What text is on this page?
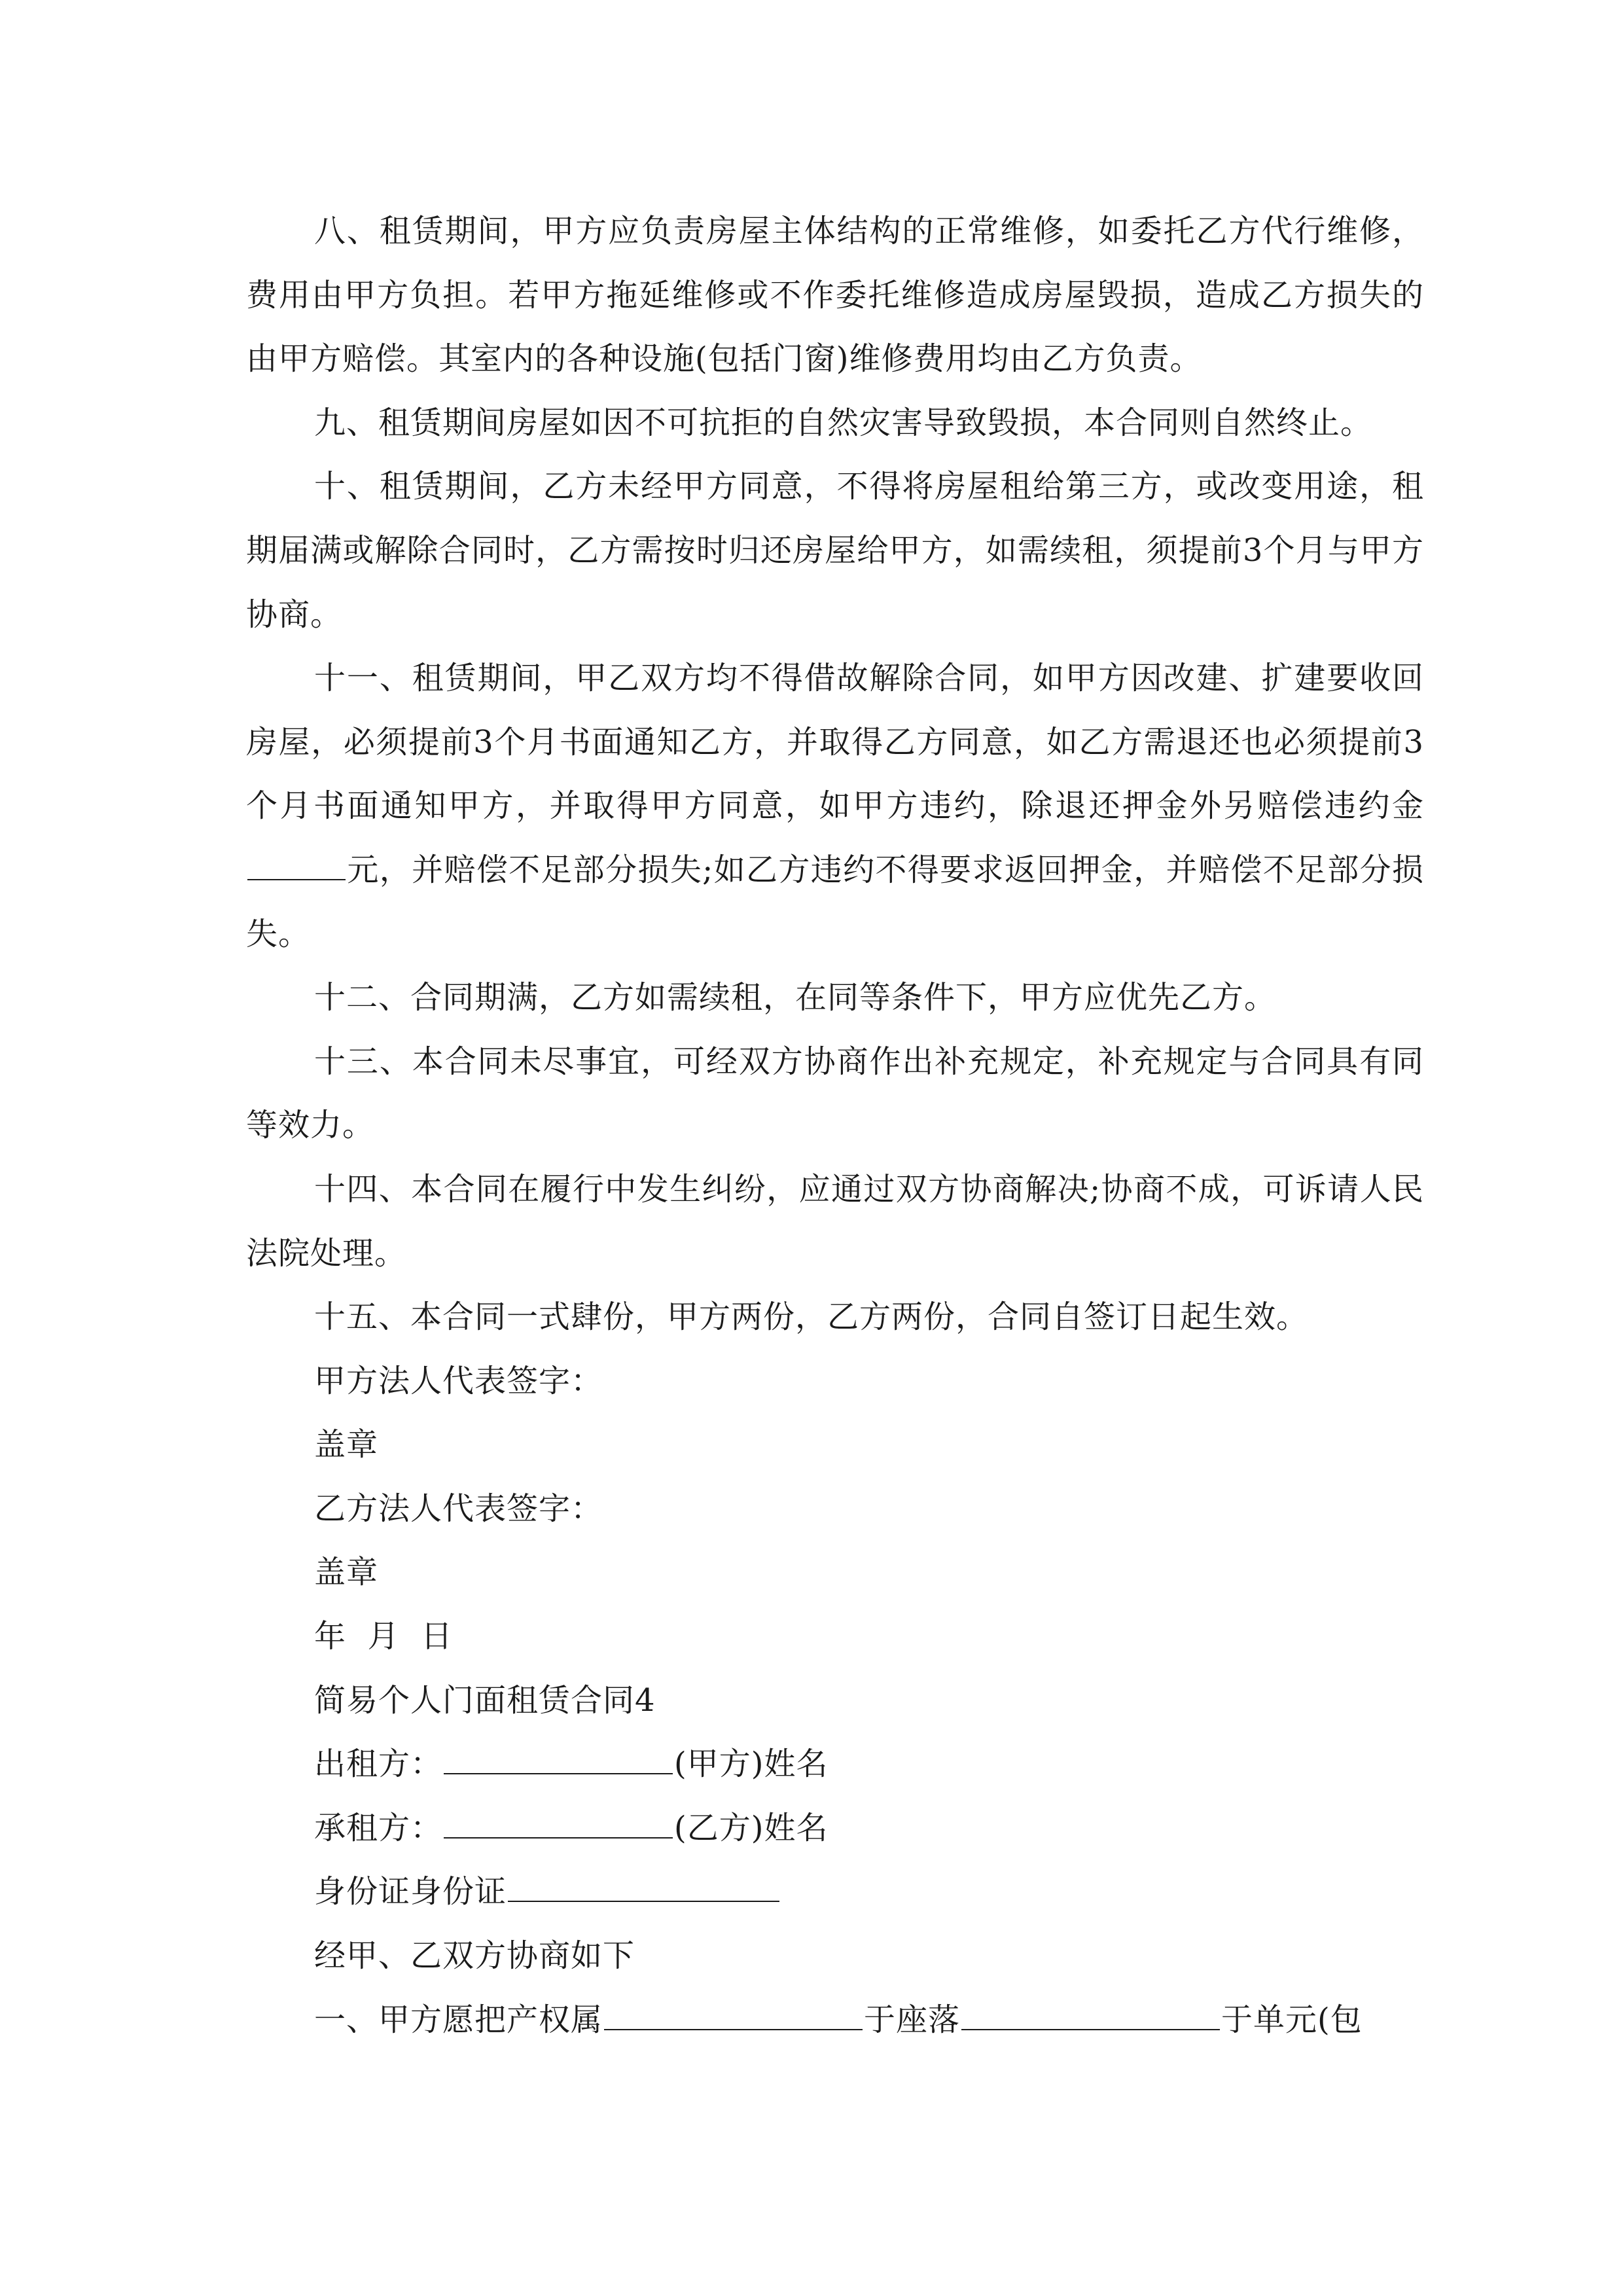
八、租赁期间，甲方应负责房屋主体结构的正常维修，如委托乙方代行维修，费用由甲方负担。若甲方拖延维修或不作委托维修造成房屋毁损，造成乙方损失的由甲方赔偿。其室内的各种设施(包括门窗)维修费用均由乙方负责。

九、租赁期间房屋如因不可抗拒的自然灾害导致毁损，本合同则自然终止。

十、租赁期间，乙方未经甲方同意，不得将房屋租给第三方，或改变用途，租期届满或解除合同时，乙方需按时归还房屋给甲方，如需续租，须提前3个月与甲方协商。

十一、租赁期间，甲乙双方均不得借故解除合同，如甲方因改建、扩建要收回房屋，必须提前3个月书面通知乙方，并取得乙方同意，如乙方需退还也必须提前3个月书面通知甲方，并取得甲方同意，如甲方违约，除退还押金外另赔偿违约金元，并赔偿不足部分损失;如乙方违约不得要求返回押金，并赔偿不足部分损失。

十二、合同期满，乙方如需续租，在同等条件下，甲方应优先乙方。

十三、本合同未尽事宜，可经双方协商作出补充规定，补充规定与合同具有同等效力。

十四、本合同在履行中发生纠纷，应通过双方协商解决;协商不成，可诉请人民法院处理。

十五、本合同一式肆份，甲方两份，乙方两份，合同自签订日起生效。

甲方法人代表签字：

盖章

乙方法人代表签字：

盖章

年  月  日

简易个人门面租赁合同4

出租方：	(甲方)姓名

承租方：	(乙方)姓名

身份证身份证

经甲、乙双方协商如下

一、甲方愿把产权属	于座落	于单元(包
